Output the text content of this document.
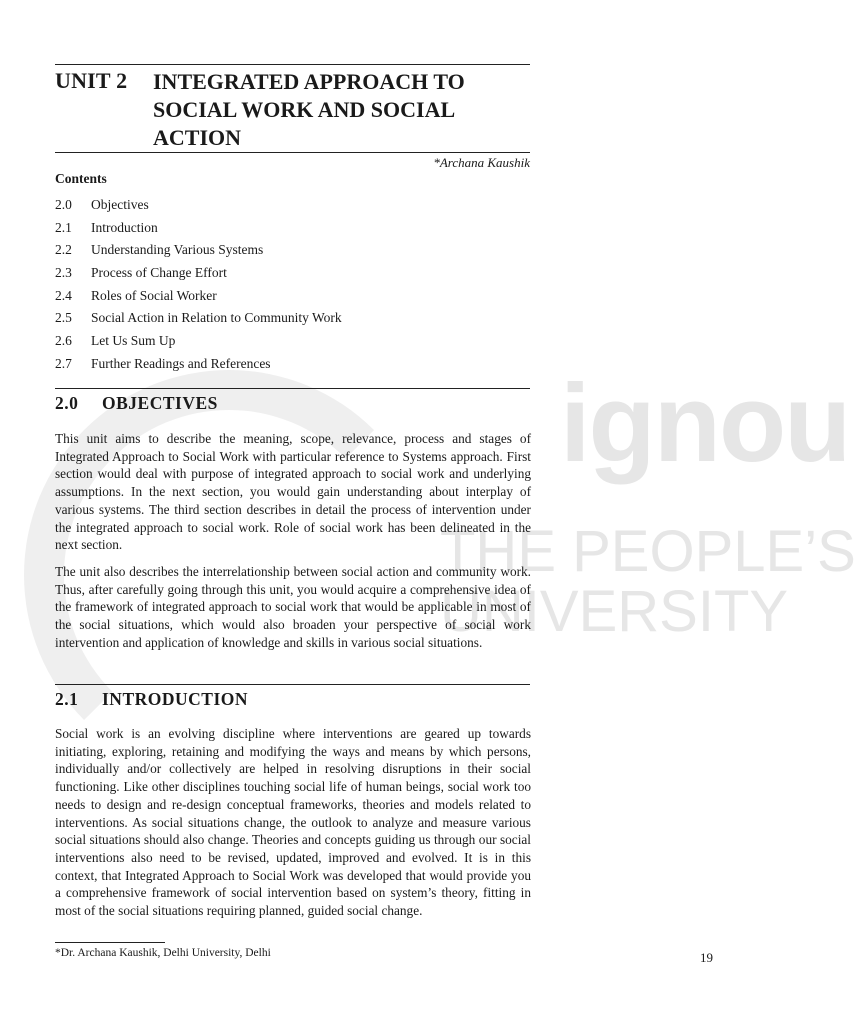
ignou
THE PEOPLE’S
UNIVERSITY
UNIT 2 INTEGRATED APPROACH TO SOCIAL WORK AND SOCIAL ACTION
*Archana Kaushik
Contents
2.0	Objectives
2.1	Introduction
2.2	Understanding Various Systems
2.3	Process of Change Effort
2.4	Roles of Social Worker
2.5	Social Action in Relation to Community Work
2.6	Let Us Sum Up
2.7	Further Readings and References
2.0 OBJECTIVES

This unit aims to describe the meaning, scope, relevance, process and stages of Integrated Approach to Social Work with particular reference to Systems approach. First section would deal with purpose of integrated approach to social work and underlying assumptions. In the next section, you would gain understanding about interplay of various systems. The third section describes in detail the process of intervention under the integrated approach to social work. Role of social work has been delineated in the next section.

The unit also describes the interrelationship between social action and community work. Thus, after carefully going through this unit, you would acquire a comprehensive idea of the framework of integrated approach to social work that would be applicable in most of the social situations, which would also broaden your perspective of social work intervention and application of knowledge and skills in various social situations.

2.1 INTRODUCTION

Social work is an evolving discipline where interventions are geared up towards initiating, exploring, retaining and modifying the ways and means by which persons, individually and/or collectively are helped in resolving disruptions in their social functioning. Like other disciplines touching social life of human beings, social work too needs to design and re-design conceptual frameworks, theories and models related to interventions. As social situations change, the outlook to analyze and measure various social situations should also change. Theories and concepts guiding us through our social interventions also need to be revised, updated, improved and evolved. It is in this context, that Integrated Approach to Social Work was developed that would provide you a comprehensive framework of social intervention based on system’s theory, fitting in most of the social situations requiring planned, guided social change.

*Dr. Archana Kaushik, Delhi University, Delhi	19
